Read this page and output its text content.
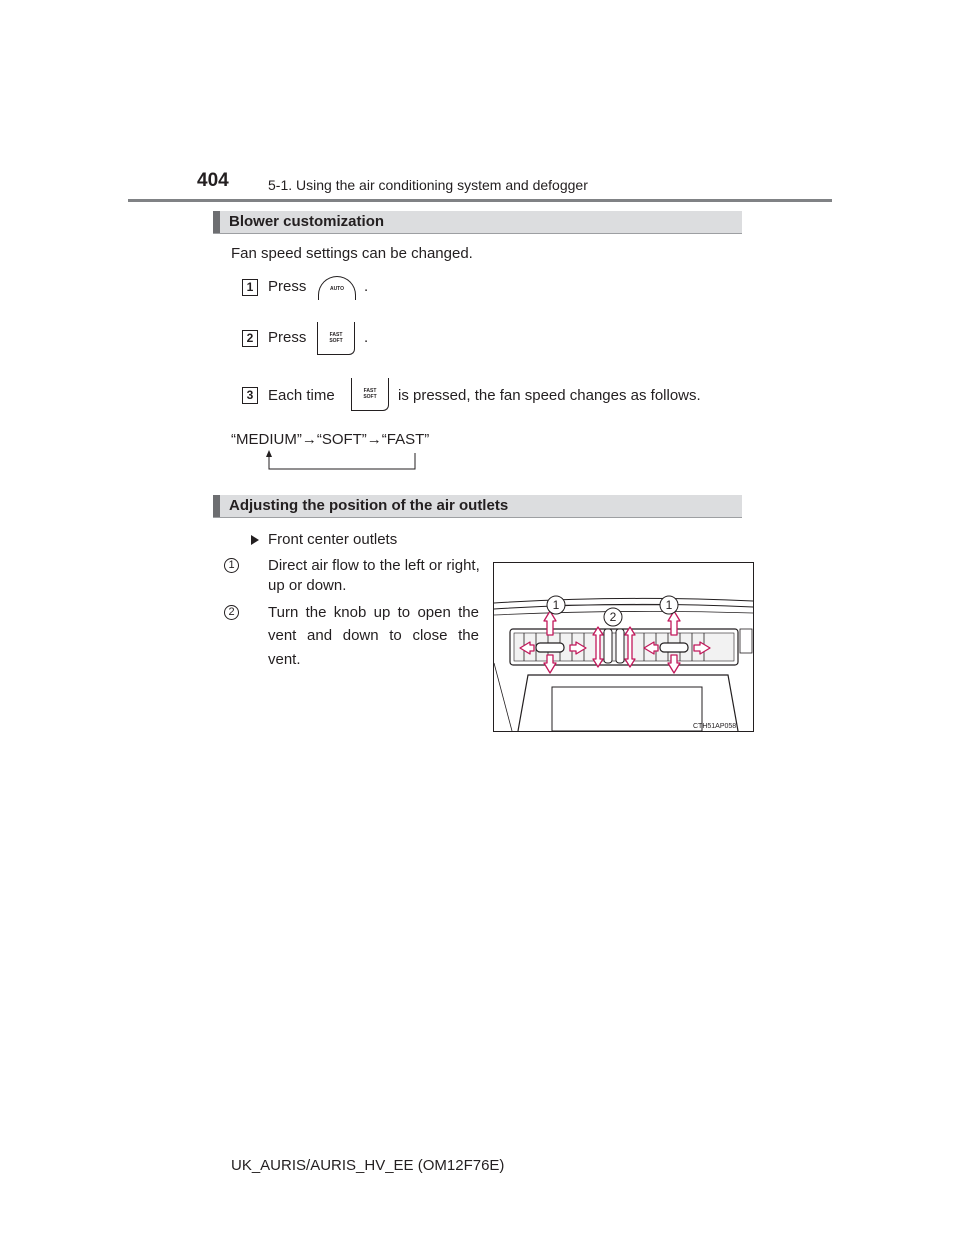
404	5-1. Using the air conditioning system and defogger
Blower customization
Fan speed settings can be changed.
1 Press	AUTO	.
2 Press	FAST
SOFT	.
3 Each time	FAST
SOFT	is pressed, the fan speed changes as follows.
“MEDIUM”→“SOFT”→“FAST”
Adjusting the position of the air outlets
Front center outlets
1 Direct air flow to the left or right,
up or down.
2 Turn the knob up to open the
vent and down to close the
vent.
1
2
1
CTH51AP058
UK_AURIS/AURIS_HV_EE (OM12F76E)
